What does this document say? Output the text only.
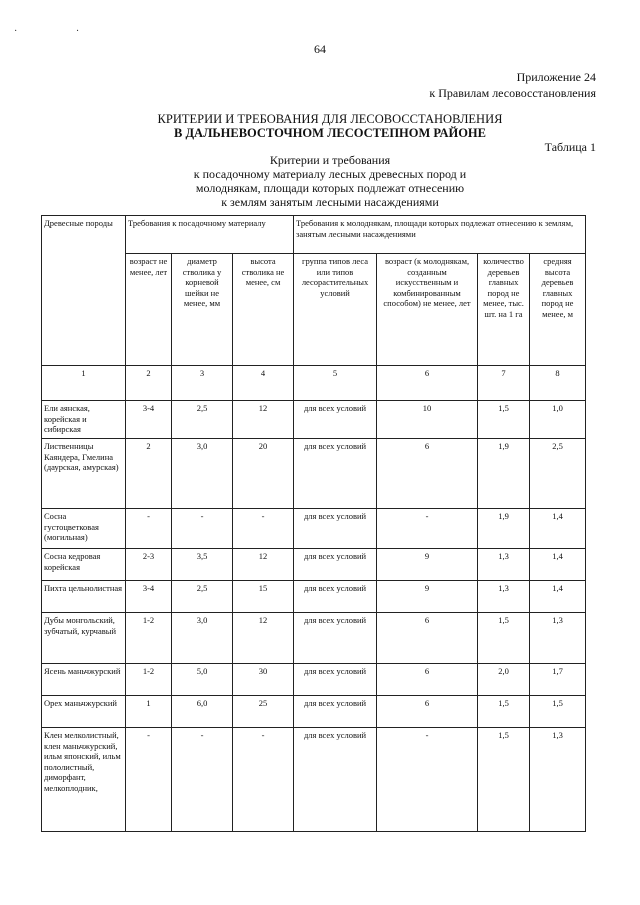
· ·
64
Приложение 24
к Правилам лесовосстановления
КРИТЕРИИ И ТРЕБОВАНИЯ ДЛЯ ЛЕСОВОССТАНОВЛЕНИЯ
В ДАЛЬНЕВОСТОЧНОМ ЛЕСОСТЕПНОМ РАЙОНЕ
Таблица 1
Критерии и требования
к посадочному материалу лесных древесных пород и
молоднякам, площади которых подлежат отнесению
к землям занятым лесными насаждениями
Древесные породы	Требования к посадочному материалу			Требования к молоднякам, площади которых подлежат отнесению к землям, занятым лесными насаждениями			
	возраст не менее, лет	диаметр стволика у корневой шейки не менее, мм	высота стволика не менее, см	группа типов леса или типов лесорастительных условий	возраст (к молоднякам, созданным искусственным и комбинированным способом) не менее, лет	количество деревьев главных пород не менее, тыс. шт. на 1 га	средняя высота деревьев главных пород не менее, м
1	2	3	4	5	6	7	8
Ели аянская, корейская и сибирская	3-4	2,5	12	для всех условий	10	1,5	1,0
Лиственницы Каяндера, Гмелина (даурская, амурская)	2	3,0	20	для всех условий	6	1,9	2,5
Сосна густоцветковая (могильная)	-	-	-	для всех условий	-	1,9	1,4
Сосна кедровая корейская	2-3	3,5	12	для всех условий	9	1,3	1,4
Пихта цельнолистная	3-4	2,5	15	для всех условий	9	1,3	1,4
Дубы монгольский, зубчатый, курчавый	1-2	3,0	12	для всех условий	6	1,5	1,3
Ясень маньчжурский	1-2	5,0	30	для всех условий	6	2,0	1,7
Орех маньчжурский	1	6,0	25	для всех условий	6	1,5	1,5
Клен мелколистный, клен маньчжурский, ильм японский, ильм пололистный, диморфант, мелкоплодник,	-	-	-	для всех условий	-	1,5	1,3
